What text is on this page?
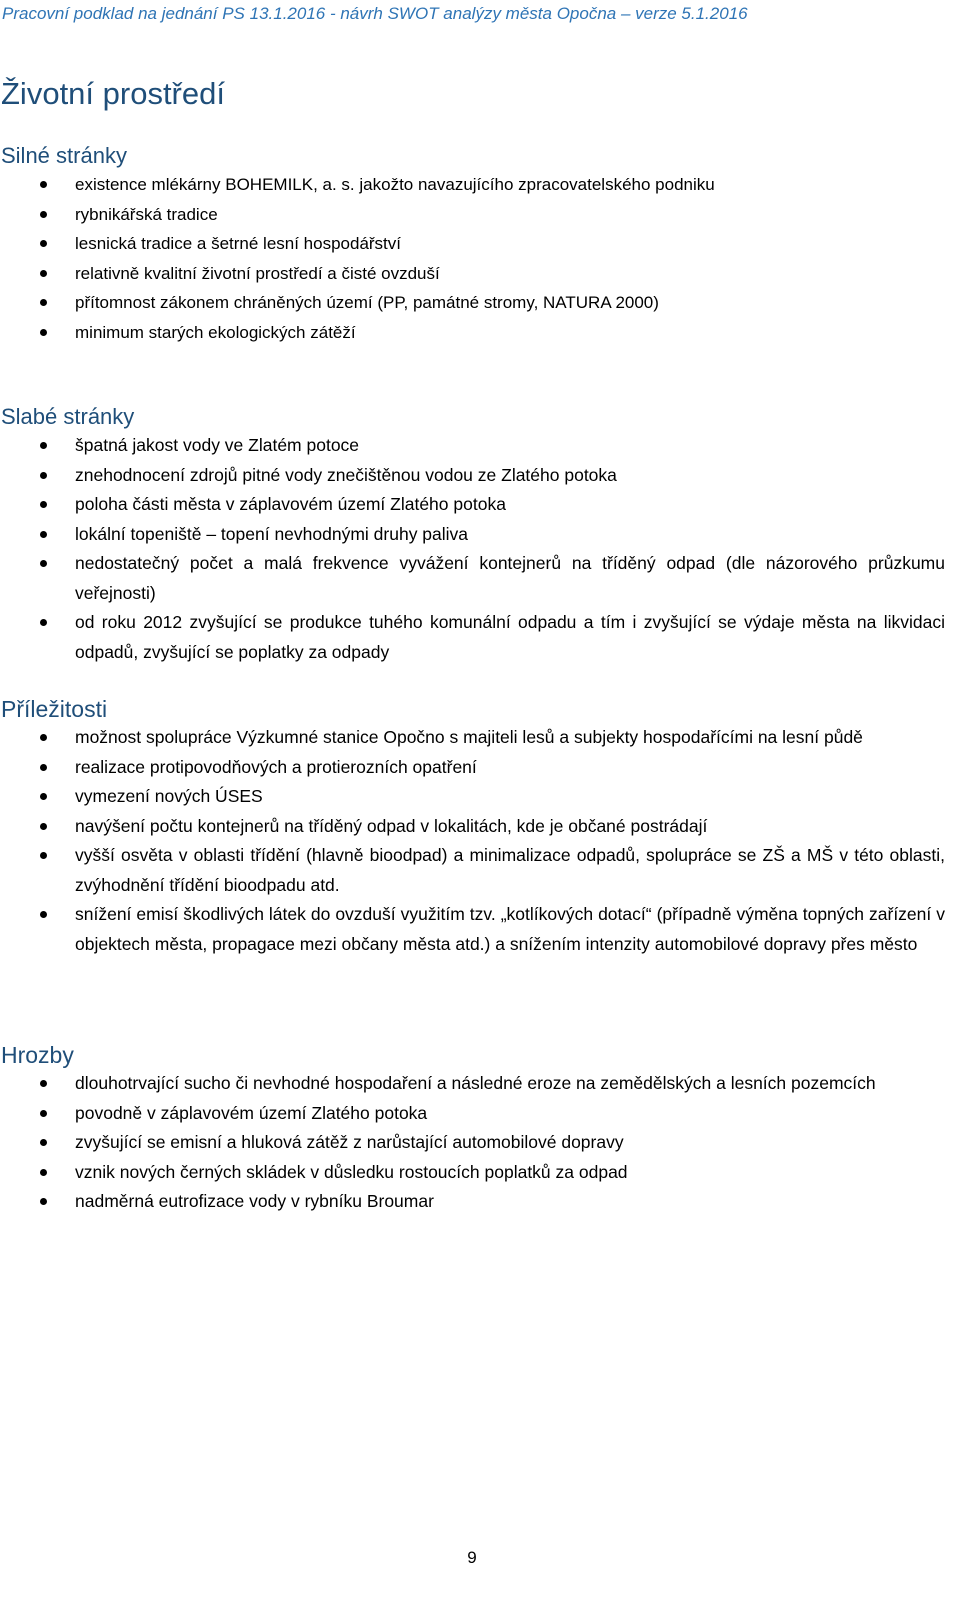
Pracovní podklad na jednání PS 13.1.2016 - návrh SWOT analýzy města Opočna – verze 5.1.2016
Životní prostředí
Silné stránky
existence mlékárny BOHEMILK, a. s. jakožto navazujícího zpracovatelského podniku
rybnikářská tradice
lesnická tradice a šetrné lesní hospodářství
relativně kvalitní životní prostředí a čisté ovzduší
přítomnost zákonem chráněných území (PP, památné stromy, NATURA 2000)
minimum starých ekologických zátěží
Slabé stránky
špatná jakost vody ve Zlatém potoce
znehodnocení zdrojů pitné vody znečištěnou vodou ze Zlatého potoka
poloha části města v záplavovém území Zlatého potoka
lokální topeniště – topení nevhodnými druhy paliva
nedostatečný počet a malá frekvence vyvážení kontejnerů na tříděný odpad (dle názorového průzkumu veřejnosti)
od roku 2012 zvyšující se produkce tuhého komunální odpadu a tím i zvyšující se výdaje města na likvidaci odpadů, zvyšující se poplatky za odpady
Příležitosti
možnost spolupráce Výzkumné stanice Opočno s majiteli lesů a subjekty hospodařícími na lesní půdě
realizace protipovodňových a protierozních opatření
vymezení nových ÚSES
navýšení počtu kontejnerů na tříděný odpad v lokalitách, kde je občané postrádají
vyšší osvěta v oblasti třídění (hlavně bioodpad) a minimalizace odpadů, spolupráce se ZŠ a MŠ v této oblasti, zvýhodnění třídění bioodpadu atd.
snížení emisí škodlivých látek do ovzduší využitím tzv. „kotlíkových dotací“ (případně výměna topných zařízení v objektech města, propagace mezi občany města atd.) a snížením intenzity automobilové dopravy přes město
Hrozby
dlouhotrvající sucho či nevhodné hospodaření a následné eroze na zemědělských a lesních pozemcích
povodně v záplavovém území Zlatého potoka
zvyšující se emisní a hluková zátěž z narůstající automobilové dopravy
vznik nových černých skládek v důsledku rostoucích poplatků za odpad
nadměrná eutrofizace vody v rybníku Broumar
9
